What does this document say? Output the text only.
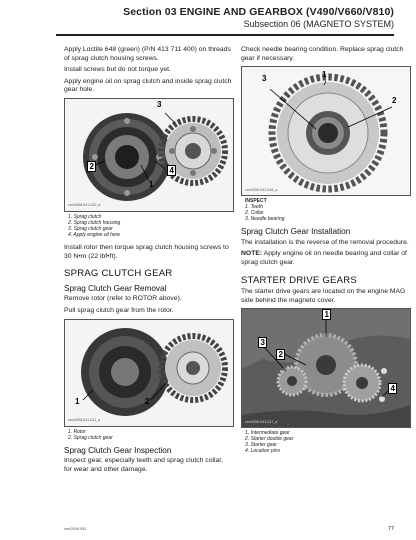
Section 03 ENGINE AND GEARBOX (V490/V660/V810)
Subsection 06 (MAGNETO SYSTEM)

Apply Loctite 648 (green) (P/N 413 711 400) on threads of sprag clutch housing screws.

Install screws but do not torque yet.

Apply engine oil on sprag clutch and inside sprag clutch gear hole.

3
1
2	4
vmr2008-041-010_a
1. Sprag clutch
2. Sprag clutch housing
3. Sprag clutch gear
4. Apply engine oil here

Install rotor then torque sprag clutch housing screws to 30 N•m (22 lbf•ft).

SPRAG CLUTCH GEAR
Sprag Clutch Gear Removal

Remove rotor (refer to ROTOR above).

Pull sprag clutch gear from the rotor.

1	2
vmr2008-041-011_a
1. Rotor
2. Sprag clutch gear
Sprag Clutch Gear Inspection

Inspect gear, especially teeth and sprag clutch collar, for wear and other damage.

Check needle bearing condition. Replace sprag clutch gear if necessary.

3	1
2
vmr2008-041-016_a
INSPECT
1. Teeth
2. Collar
3. Needle bearing
Sprag Clutch Gear Installation

The installation is the reverse of the removal procedure.

NOTE: Apply engine oil on needle bearing and collar of sprag clutch gear.

STARTER DRIVE GEARS

The starter drive gears are located on the engine MAG side behind the magneto cover.

1
3
2
4
vmr2008-041-017_a
1. Intermediate gear
2. Starter double gear
3. Starter gear
4. Location pins
vmr2008-051	77
